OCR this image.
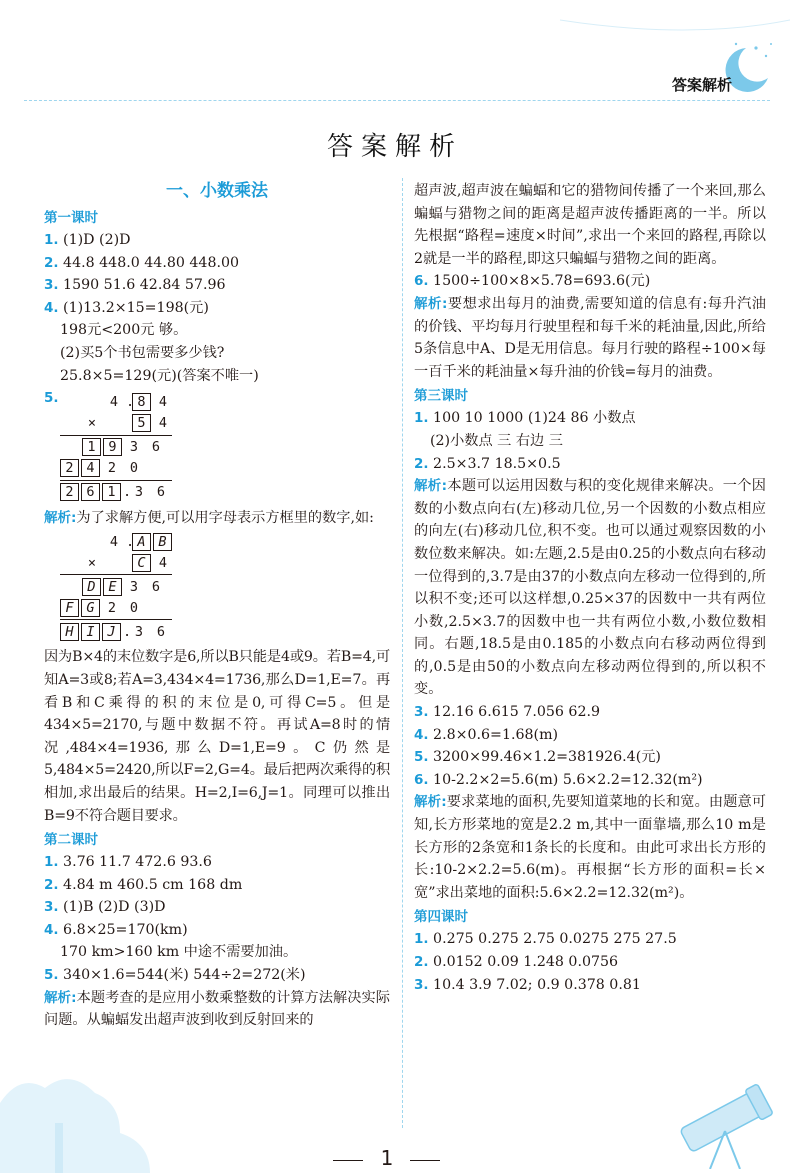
答案解析
答案解析
一、小数乘法
第一课时
1. (1)D (2)D
2. 44.8 448.0 44.80 448.00
3. 1590 51.6 42.84 57.96
4. (1)13.2×15=198(元)
198元<200元 够。
(2)买5个书包需要多少钱?
25.8×5=129(元)(答案不唯一)
5.	4 . 8 4
×	5 4
1 9 3	6
2 4 2	0
2 6 1 . 3	6
解析:为了求解方便,可以用字母表示方框里的数字,如:
4 . A B
×	C 4
D E 3	6
F G 2	0
H I J . 3	6
因为B×4的末位数字是6,所以B只能是4或9。若B=4,可知A=3或8;若A=3,434×4=1736,那么D=1,E=7。再看B和C乘得的积的末位是0,可得C=5。但是434×5=2170,与题中数据不符。再试A=8时的情况,484×4=1936,那么D=1,E=9。C仍然是5,484×5=2420,所以F=2,G=4。最后把两次乘得的积相加,求出最后的结果。H=2,I=6,J=1。同理可以推出B=9不符合题目要求。
第二课时
1. 3.76 11.7 472.6 93.6
2. 4.84 m 460.5 cm 168 dm
3. (1)B (2)D (3)D
4. 6.8×25=170(km)
170 km>160 km 中途不需要加油。
5. 340×1.6=544(米) 544÷2=272(米)
解析:本题考查的是应用小数乘整数的计算方法解决实际问题。从蝙蝠发出超声波到收到反射回来的
超声波,超声波在蝙蝠和它的猎物间传播了一个来回,那么蝙蝠与猎物之间的距离是超声波传播距离的一半。所以先根据“路程=速度×时间”,求出一个来回的路程,再除以2就是一半的路程,即这只蝙蝠与猎物之间的距离。
6. 1500÷100×8×5.78=693.6(元)
解析:要想求出每月的油费,需要知道的信息有:每升汽油的价钱、平均每月行驶里程和每千米的耗油量,因此,所给5条信息中A、D是无用信息。每月行驶的路程÷100×每一百千米的耗油量×每升油的价钱=每月的油费。
第三课时
1. 100 10 1000 (1)24 86 小数点
(2)小数点 三 右边 三
2. 2.5×3.7 18.5×0.5
解析:本题可以运用因数与积的变化规律来解决。一个因数的小数点向右(左)移动几位,另一个因数的小数点相应的向左(右)移动几位,积不变。也可以通过观察因数的小数位数来解决。如:左题,2.5是由0.25的小数点向右移动一位得到的,3.7是由37的小数点向左移动一位得到的,所以积不变;还可以这样想,0.25×37的因数中一共有两位小数,2.5×3.7的因数中也一共有两位小数,小数位数相同。右题,18.5是由0.185的小数点向右移动两位得到的,0.5是由50的小数点向左移动两位得到的,所以积不变。
3. 12.16 6.615 7.056 62.9
4. 2.8×0.6=1.68(m)
5. 3200×99.46×1.2=381926.4(元)
6. 10-2.2×2=5.6(m) 5.6×2.2=12.32(m²)
解析:要求菜地的面积,先要知道菜地的长和宽。由题意可知,长方形菜地的宽是2.2 m,其中一面靠墙,那么10 m是长方形的2条宽和1条长的长度和。由此可求出长方形的长:10-2×2.2=5.6(m)。再根据“长方形的面积=长×宽”求出菜地的面积:5.6×2.2=12.32(m²)。
第四课时
1. 0.275 0.275 2.75 0.0275 275 27.5
2. 0.0152 0.09 1.248 0.0756
3. 10.4 3.9 7.02; 0.9 0.378 0.81
1
